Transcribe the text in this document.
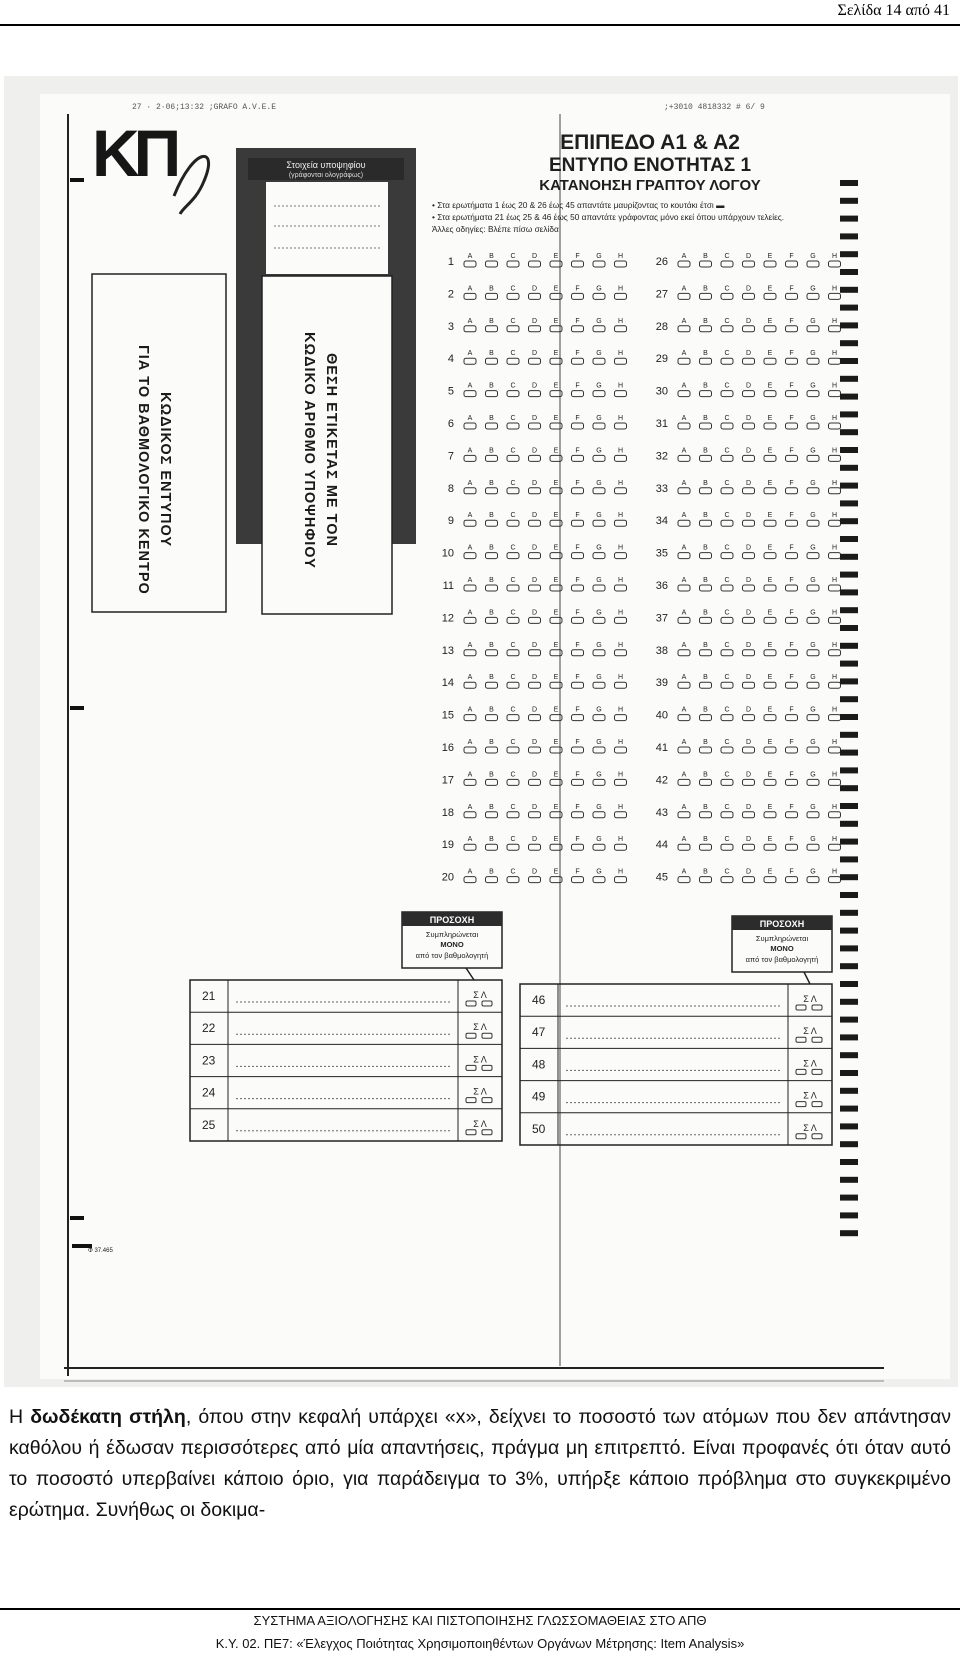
Σελίδα 14 από 41
27 · 2·06;13:32 ;GRAFO A.V.E.E	;+3010 4818332 # 6/ 9
ΚΠ	Στοιχεία υποψηφίου
(γράφονται ολογράφως)
ΕΠΙΠΕΔΟ Α1 & Α2
ΕΝΤΥΠΟ ΕΝΟΤΗΤΑΣ 1
ΚΑΤΑΝΟΗΣΗ ΓΡΑΠΤΟΥ ΛΟΓΟΥ
• Στα ερωτήματα 1 έως 20 & 26 έως 45 απαντάτε μαυρίζοντας το κουτάκι έτσι ▬
• Στα ερωτήματα 21 έως 25 & 46 έως 50 απαντάτε γράφοντας μόνο εκεί όπου υπάρχουν τελείες.
Άλλες οδηγίες: Βλέπε πίσω σελίδα
1 A B C D E F G H
2 A B C D E F G H
3 A B C D E F G H
4 A B C D E F G H
5 A B C D E F G H
6 A B C D E F G H
7 A B C D E F G H
8 A B C D E F G H
9 A B C D E F G H
10 A B C D E F G H
11 A B C D E F G H
12 A B C D E F G H
13 A B C D E F G H
14 A B C D E F G H
15 A B C D E F G H
16 A B C D E F G H
17 A B C D E F G H
18 A B C D E F G H
19 A B C D E F G H
20 A B C D E F G H
26 A B C D E F G H
27 A B C D E F G H
28 A B C D E F G H
29 A B C D E F G H
30 A B C D E F G H
31 A B C D E F G H
32 A B C D E F G H
33 A B C D E F G H
34 A B C D E F G H
35 A B C D E F G H
36 A B C D E F G H
37 A B C D E F G H
38 A B C D E F G H
39 A B C D E F G H
40 A B C D E F G H
41 A B C D E F G H
42 A B C D E F G H
43 A B C D E F G H
44 A B C D E F G H
45 A B C D E F G H
ΠΡΟΣΟΧΗ
Συμπληρώνεται
ΜΟΝΟ
από τον βαθμολογητή
ΠΡΟΣΟΧΗ
Συμπληρώνεται
ΜΟΝΟ
από τον βαθμολογητή
21	Σ Λ
22	Σ Λ
23	Σ Λ
24	Σ Λ
25	Σ Λ
46	Σ Λ
47	Σ Λ
48	Σ Λ
49	Σ Λ
50	Σ Λ
Φ 37.465
ΘΕΣΗ ΕΤΙΚΕΤΑΣ ΜΕ ΤΟΝ
ΚΩΔΙΚΟ ΑΡΙΘΜΟ ΥΠΟΨΗΦΙΟΥ
ΚΩΔΙΚΟΣ ΕΝΤΥΠΟΥ
ΓΙΑ ΤΟ ΒΑΘΜΟΛΟΓΙΚΟ ΚΕΝΤΡΟ
Η δωδέκατη στήλη, όπου στην κεφαλή υπάρχει «x», δείχνει το ποσοστό των ατόμων που δεν απάντησαν καθόλου ή έδωσαν περισσότερες από μία απαντήσεις, πράγμα μη επιτρεπτό. Είναι προφανές ότι όταν αυτό το ποσοστό υπερβαίνει κάποιο όριο, για παράδειγμα το 3%, υπήρξε κάποιο πρόβλημα στο συγκεκριμένο ερώτημα. Συνήθως οι δοκιμα-
ΣΥΣΤΗΜΑ ΑΞΙΟΛΟΓΗΣΗΣ ΚΑΙ ΠΙΣΤΟΠΟΙΗΣΗΣ ΓΛΩΣΣΟΜΑΘΕΙΑΣ ΣΤΟ ΑΠΘ
Κ.Υ. 02. ΠΕ7: «Έλεγχος Ποιότητας Χρησιμοποιηθέντων Οργάνων Μέτρησης: Item Analysis»
